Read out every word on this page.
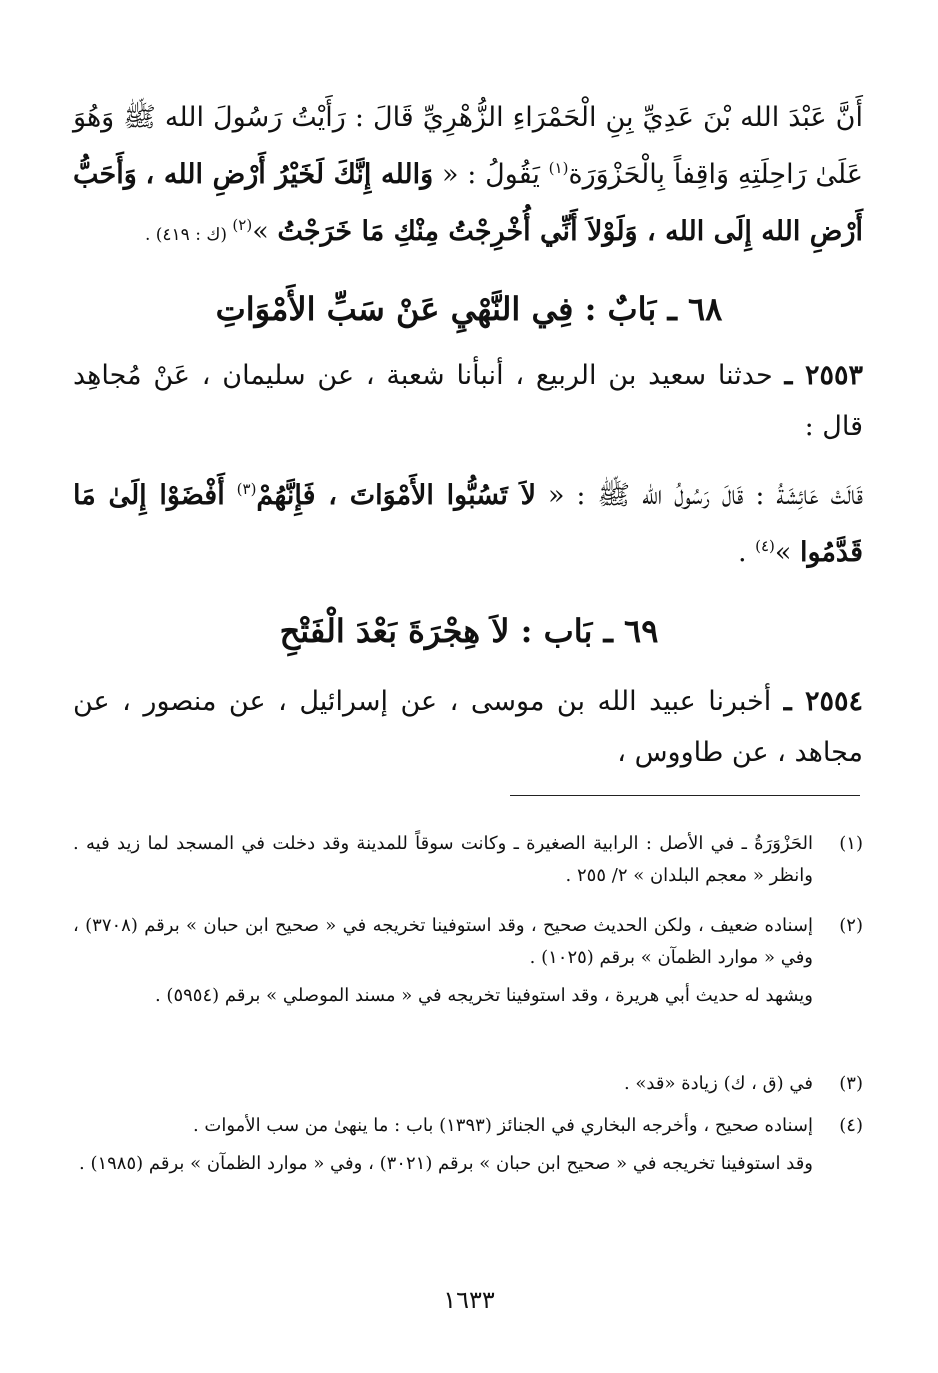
أَنَّ عَبْدَ الله بْنَ عَدِيِّ بِنِ الْحَمْرَاءِ الزُّهْرِيِّ قَالَ : رَأَيْتُ رَسُولَ الله ﷺ وَهُوَ عَلَىٰ رَاحِلَتِهِ وَاقِفاً بِالْحَزْوَرَة$^{(١)}$ يَقُولُ : « وَالله إِنَّكَ لَخَيْرُ أَرْضِ الله ، وَأَحَبُّ أَرْضِ الله إِلَى الله ، وَلَوْلاَ أَنِّي أُخْرِجْتُ مِنْكِ مَا خَرَجْتُ »$^{(٢)}$ (ك : ٤١٩) .

٦٨ ـ بَابٌ : فِي النَّهْيِ عَنْ سَبِّ الأَمْوَاتِ

٢٥٥٣ ـ حدثنا سعيد بن الربيع ، أنبأنا شعبة ، عن سليمان ، عَنْ مُجاهِد قال :

قَالَتْ عَائِشَةُ : قَالَ رَسُولُ الله ﷺ : « لاَ تَسُبُّوا الأَمْوَاتَ ، فَإِنَّهُمْ$^{(٣)}$ أَفْضَوْا إِلَىٰ مَا قَدَّمُوا »$^{(٤)}$ .

٦٩ ـ بَاب : لاَ هِجْرَةَ بَعْدَ الْفَتْحِ

٢٥٥٤ ـ أخبرنا عبيد الله بن موسى ، عن إسرائيل ، عن منصور ، عن مجاهد ، عن طاووس ،

(١)

الحَزْوَرَةُ ـ في الأصل : الرابية الصغيرة ـ وكانت سوقاً للمدينة وقد دخلت في المسجد لما زيد فيه . وانظر « معجم البلدان » ٢/ ٢٥٥ .

(٢)

إسناده ضعيف ، ولكن الحديث صحيح ، وقد استوفينا تخريجه في « صحيح ابن حبان » برقم (٣٧٠٨) ، وفي « موارد الظمآن » برقم (١٠٢٥) .

ويشهد له حديث أبي هريرة ، وقد استوفينا تخريجه في « مسند الموصلي » برقم (٥٩٥٤) .

(٣)

في (ق ، ك) زيادة «قد» .

(٤)

إسناده صحيح ، وأخرجه البخاري في الجنائز (١٣٩٣) باب : ما ينهىٰ من سب الأموات .

وقد استوفينا تخريجه في « صحيح ابن حبان » برقم (٣٠٢١) ، وفي « موارد الظمآن » برقم (١٩٨٥) .

١٦٣٣
